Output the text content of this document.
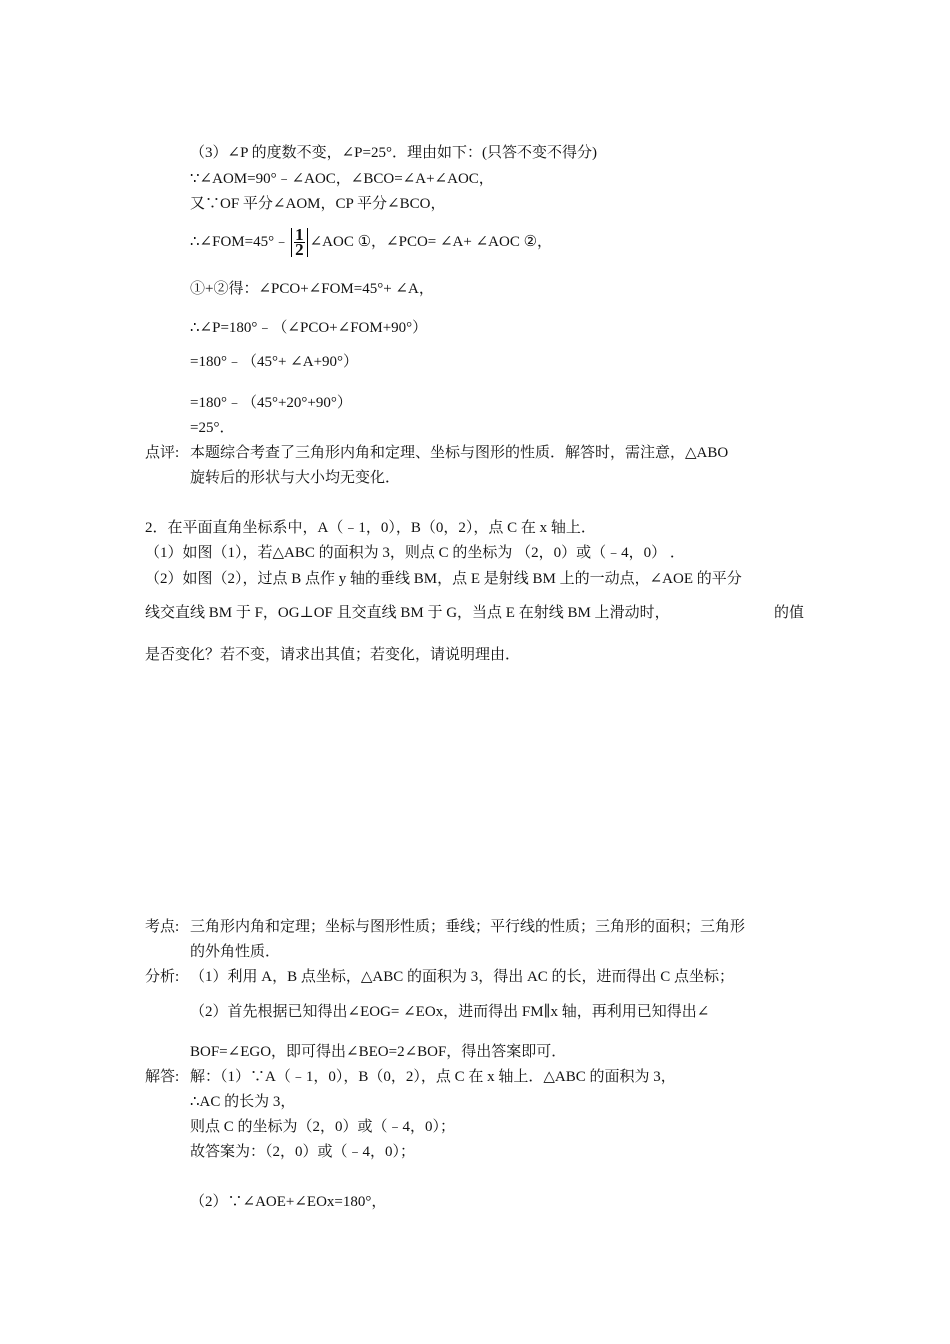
（3）∠P 的度数不变，∠P=25°．理由如下：(只答不变不得分)
∵∠AOM=90°﹣∠AOC，∠BCO=∠A+∠AOC，
又∵OF 平分∠AOM，CP 平分∠BCO，
∴∠FOM=45°﹣ $\frac{1}{2}$ ∠AOC ①，∠PCO= ∠A+ ∠AOC ②，
①+②得：∠PCO+∠FOM=45°+ ∠A，
∴∠P=180°﹣（∠PCO+∠FOM+90°）
=180°﹣（45°+ ∠A+90°）
=180°﹣（45°+20°+90°）
=25°．
点评: 本题综合考查了三角形内角和定理、坐标与图形的性质．解答时，需注意，△ABO
旋转后的形状与大小均无变化．
2．在平面直角坐标系中，A（﹣1，0），B（0，2），点 C 在 x 轴上．
（1）如图（1），若△ABC 的面积为 3，则点 C 的坐标为 （2，0）或（﹣4，0） ．
（2）如图（2），过点 B 点作 y 轴的垂线 BM，点 E 是射线 BM 上的一动点，∠AOE 的平分
线交直线 BM 于 F，OG⊥OF 且交直线 BM 于 G，当点 E 在射线 BM 上滑动时，	的值
是否变化？若不变，请求出其值；若变化，请说明理由．
考点: 三角形内角和定理；坐标与图形性质；垂线；平行线的性质；三角形的面积；三角形
的外角性质．
分析: （1）利用 A，B 点坐标，△ABC 的面积为 3，得出 AC 的长，进而得出 C 点坐标；
（2）首先根据已知得出∠EOG= ∠EOx，进而得出 FM∥x 轴，再利用已知得出∠
BOF=∠EGO，即可得出∠BEO=2∠BOF，得出答案即可．
解答: 解：（1）∵A（﹣1，0），B（0，2），点 C 在 x 轴上．△ABC 的面积为 3，
∴AC 的长为 3，
则点 C 的坐标为（2，0）或（﹣4，0）；
故答案为：（2，0）或（﹣4，0）；
（2）∵∠AOE+∠EOx=180°，
